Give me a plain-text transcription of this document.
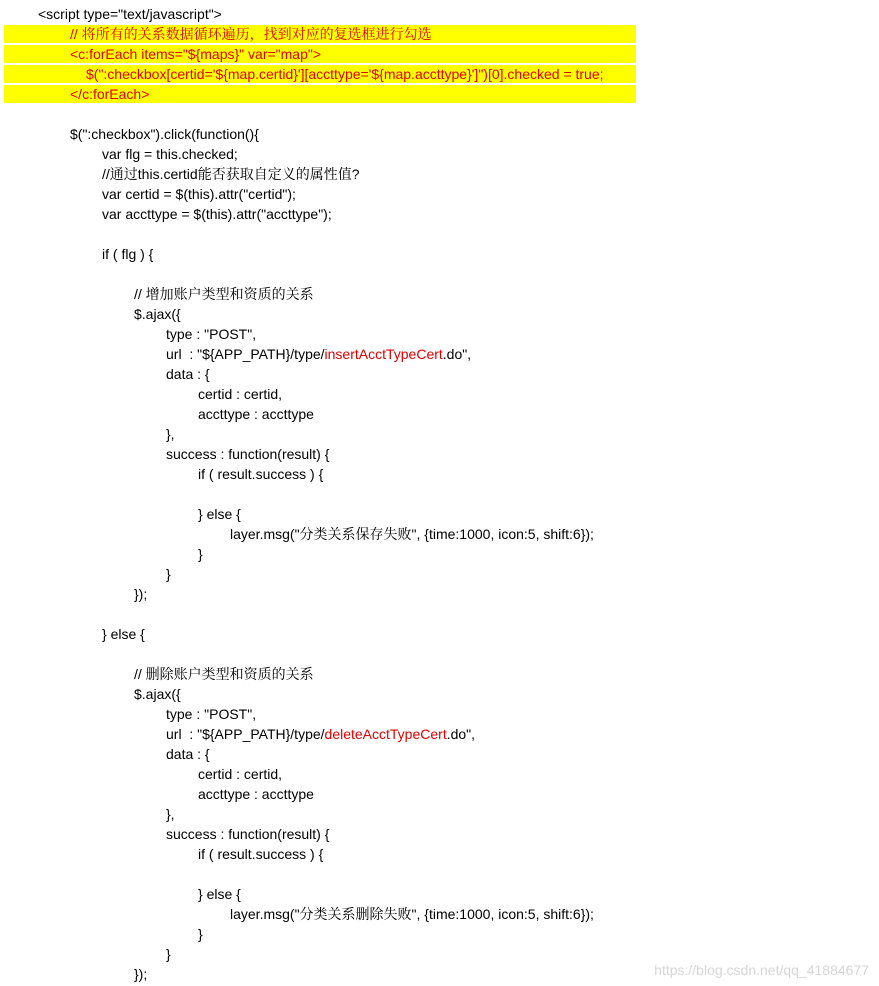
<script type="text/javascript">
// 将所有的关系数据循环遍历，找到对应的复选框进行勾选
<c:forEach items="${maps}" var="map">
$(":checkbox[certid='${map.certid}'][accttype='${map.accttype}']")[0].checked = true;
</c:forEach>
$(":checkbox").click(function(){
var flg = this.checked;
//通过this.certid能否获取自定义的属性值?
var certid = $(this).attr("certid");
var accttype = $(this).attr("accttype");
if ( flg ) {
// 增加账户类型和资质的关系
$.ajax({
type : "POST",
url  : "${APP_PATH}/type/insertAcctTypeCert.do",
data : {
certid : certid,
accttype : accttype
},
success : function(result) {
if ( result.success ) {
} else {
layer.msg("分类关系保存失败", {time:1000, icon:5, shift:6});
}
}
});
} else {
// 删除账户类型和资质的关系
$.ajax({
type : "POST",
url  : "${APP_PATH}/type/deleteAcctTypeCert.do",
data : {
certid : certid,
accttype : accttype
},
success : function(result) {
if ( result.success ) {
} else {
layer.msg("分类关系删除失败", {time:1000, icon:5, shift:6});
}
}
});	https://blog.csdn.net/qq_41884677
